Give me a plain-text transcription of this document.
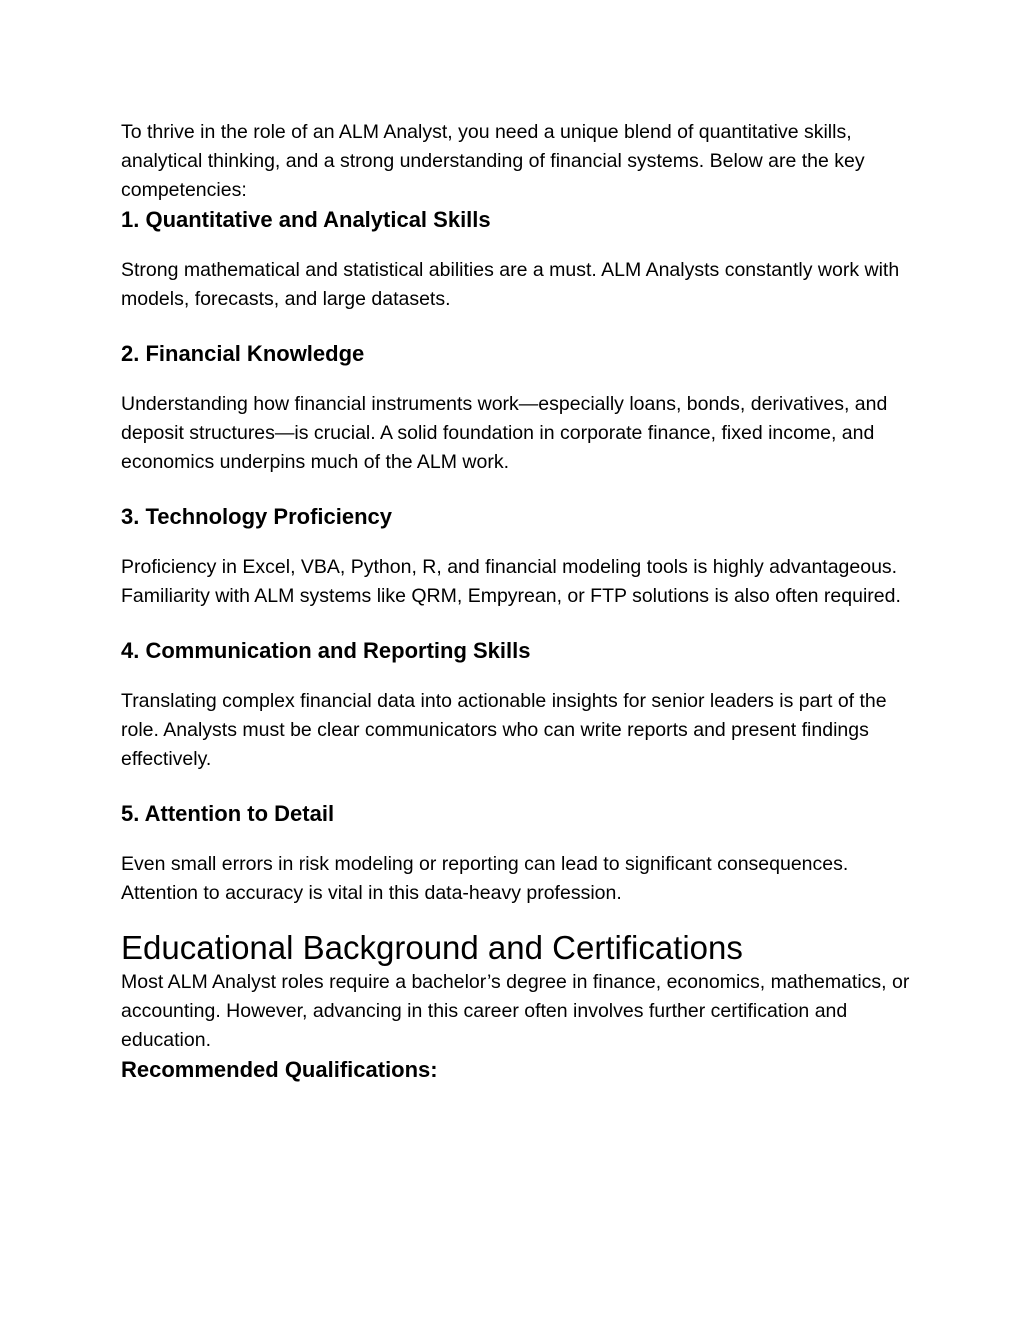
To thrive in the role of an ALM Analyst, you need a unique blend of quantitative skills, analytical thinking, and a strong understanding of financial systems. Below are the key competencies:

1. Quantitative and Analytical Skills

Strong mathematical and statistical abilities are a must. ALM Analysts constantly work with models, forecasts, and large datasets.

2. Financial Knowledge

Understanding how financial instruments work—especially loans, bonds, derivatives, and deposit structures—is crucial. A solid foundation in corporate finance, fixed income, and economics underpins much of the ALM work.

3. Technology Proficiency

Proficiency in Excel, VBA, Python, R, and financial modeling tools is highly advantageous. Familiarity with ALM systems like QRM, Empyrean, or FTP solutions is also often required.

4. Communication and Reporting Skills

Translating complex financial data into actionable insights for senior leaders is part of the role. Analysts must be clear communicators who can write reports and present findings effectively.

5. Attention to Detail

Even small errors in risk modeling or reporting can lead to significant consequences. Attention to accuracy is vital in this data-heavy profession.

Educational Background and Certifications

Most ALM Analyst roles require a bachelor’s degree in finance, economics, mathematics, or accounting. However, advancing in this career often involves further certification and education.

Recommended Qualifications:
